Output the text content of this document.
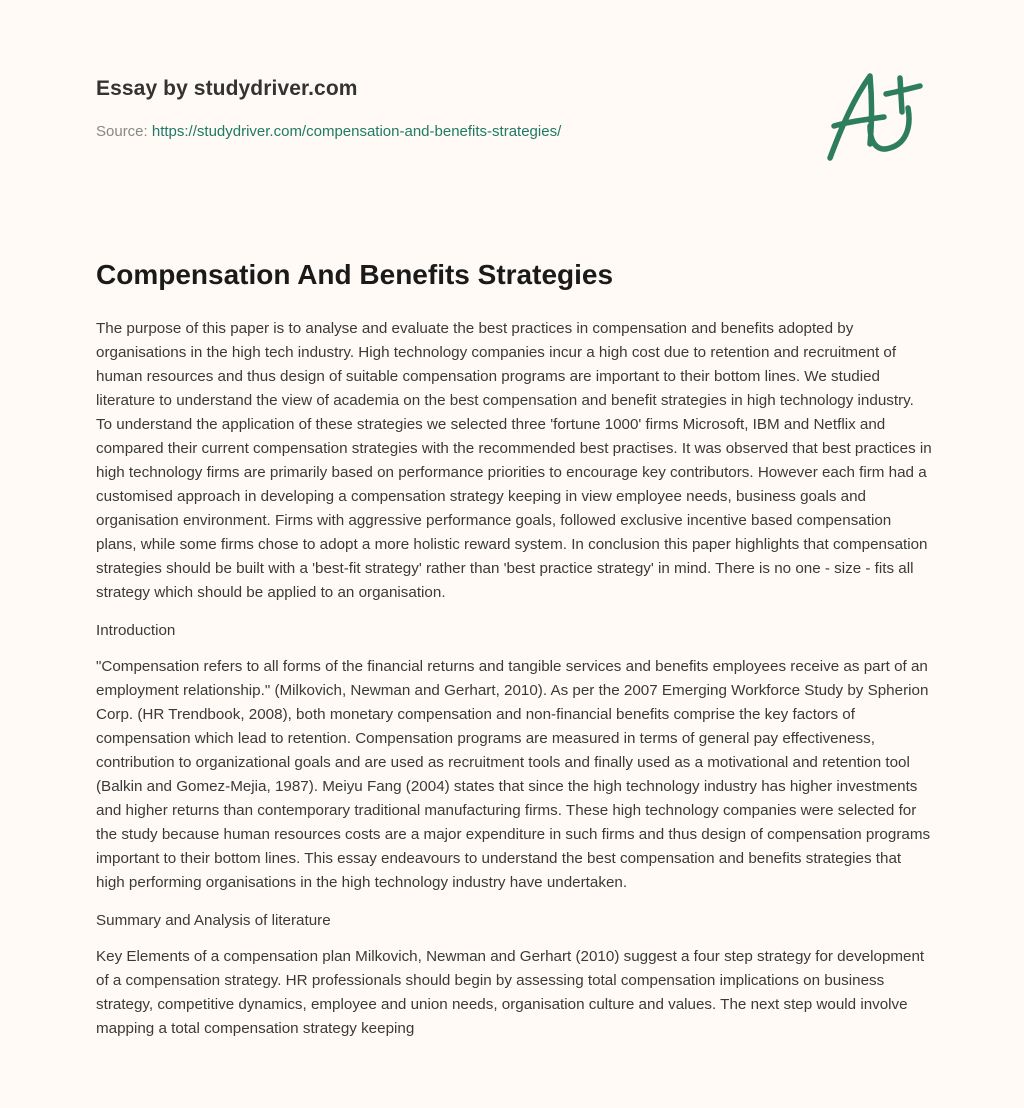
Essay by studydriver.com
Source: https://studydriver.com/compensation-and-benefits-strategies/
Compensation And Benefits Strategies

The purpose of this paper is to analyse and evaluate the best practices in compensation and benefits adopted by organisations in the high tech industry. High technology companies incur a high cost due to retention and recruitment of human resources and thus design of suitable compensation programs are important to their bottom lines. We studied literature to understand the view of academia on the best compensation and benefit strategies in high technology industry. To understand the application of these strategies we selected three 'fortune 1000' firms Microsoft, IBM and Netflix and compared their current compensation strategies with the recommended best practises. It was observed that best practices in high technology firms are primarily based on performance priorities to encourage key contributors. However each firm had a customised approach in developing a compensation strategy keeping in view employee needs, business goals and organisation environment. Firms with aggressive performance goals, followed exclusive incentive based compensation plans, while some firms chose to adopt a more holistic reward system. In conclusion this paper highlights that compensation strategies should be built with a 'best-fit strategy' rather than 'best practice strategy' in mind. There is no one - size - fits all strategy which should be applied to an organisation.

Introduction

"Compensation refers to all forms of the financial returns and tangible services and benefits employees receive as part of an employment relationship." (Milkovich, Newman and Gerhart, 2010). As per the 2007 Emerging Workforce Study by Spherion Corp. (HR Trendbook, 2008), both monetary compensation and non-financial benefits comprise the key factors of compensation which lead to retention. Compensation programs are measured in terms of general pay effectiveness, contribution to organizational goals and are used as recruitment tools and finally used as a motivational and retention tool (Balkin and Gomez-Mejia, 1987). Meiyu Fang (2004) states that since the high technology industry has higher investments and higher returns than contemporary traditional manufacturing firms. These high technology companies were selected for the study because human resources costs are a major expenditure in such firms and thus design of compensation programs important to their bottom lines. This essay endeavours to understand the best compensation and benefits strategies that high performing organisations in the high technology industry have undertaken.

Summary and Analysis of literature

Key Elements of a compensation plan Milkovich, Newman and Gerhart (2010) suggest a four step strategy for development of a compensation strategy. HR professionals should begin by assessing total compensation implications on business strategy, competitive dynamics, employee and union needs, organisation culture and values. The next step would involve mapping a total compensation strategy keeping
